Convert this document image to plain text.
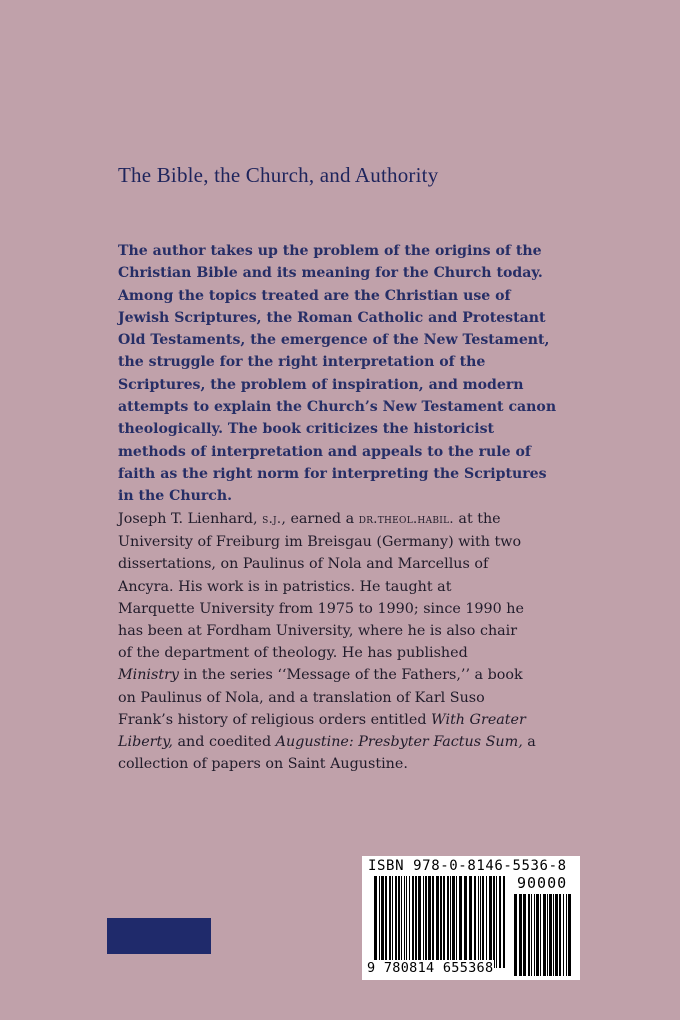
The Bible, the Church, and Authority
The author takes up the problem of the origins of the
Christian Bible and its meaning for the Church today.
Among the topics treated are the Christian use of
Jewish Scriptures, the Roman Catholic and Protestant
Old Testaments, the emergence of the New Testament,
the struggle for the right interpretation of the
Scriptures, the problem of inspiration, and modern
attempts to explain the Church’s New Testament canon
theologically. The book criticizes the historicist
methods of interpretation and appeals to the rule of
faith as the right norm for interpreting the Scriptures
in the Church.
Joseph T. Lienhard, s.j., earned a dr.theol.habil. at the
University of Freiburg im Breisgau (Germany) with two
dissertations, on Paulinus of Nola and Marcellus of
Ancyra. His work is in patristics. He taught at
Marquette University from 1975 to 1990; since 1990 he
has been at Fordham University, where he is also chair
of the department of theology. He has published
Ministry in the series ‘‘Message of the Fathers,’’ a book
on Paulinus of Nola, and a translation of Karl Suso
Frank’s history of religious orders entitled With Greater
Liberty, and coedited Augustine: Presbyter Factus Sum, a
collection of papers on Saint Augustine.
ISBN 978-0-8146-5536-8
90000
9 780814 655368
